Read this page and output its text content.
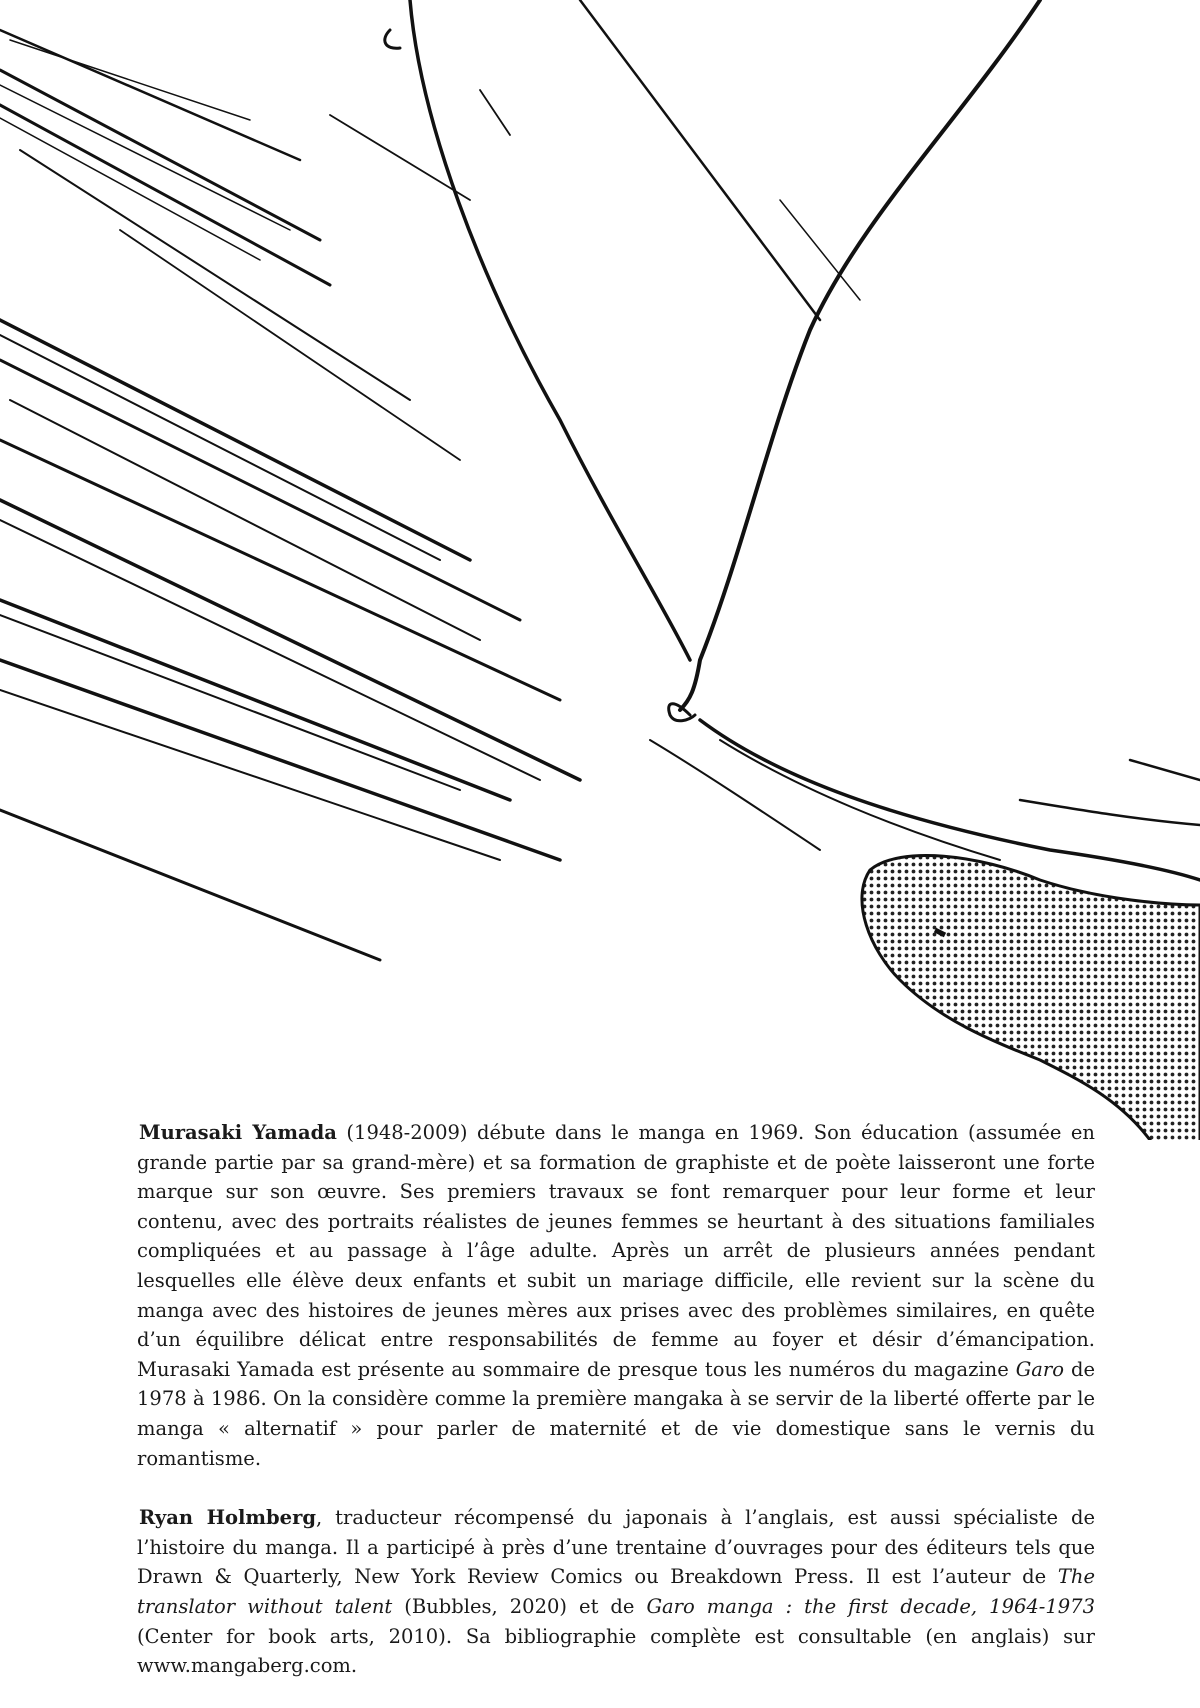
Murasaki Yamada (1948-2009) débute dans le manga en 1969. Son éducation (assumée en grande partie par sa grand-mère) et sa formation de graphiste et de poète laisseront une forte marque sur son œuvre. Ses premiers travaux se font remarquer pour leur forme et leur contenu, avec des portraits réalistes de jeunes femmes se heurtant à des situations familiales compliquées et au passage à l’âge adulte. Après un arrêt de plusieurs années pendant lesquelles elle élève deux enfants et subit un mariage difficile, elle revient sur la scène du manga avec des histoires de jeunes mères aux prises avec des problèmes similaires, en quête d’un équilibre délicat entre responsabilités de femme au foyer et désir d’émancipation. Murasaki Yamada est présente au sommaire de presque tous les numéros du magazine Garo de 1978 à 1986. On la considère comme la première mangaka à se servir de la liberté offerte par le manga « alternatif » pour parler de maternité et de vie domestique sans le vernis du romantisme.

Ryan Holmberg, traducteur récompensé du japonais à l’anglais, est aussi spécialiste de l’histoire du manga. Il a participé à près d’une trentaine d’ouvrages pour des éditeurs tels que Drawn & Quarterly, New York Review Comics ou Breakdown Press. Il est l’auteur de The translator without talent (Bubbles, 2020) et de Garo manga : the first decade, 1964-1973 (Center for book arts, 2010). Sa bibliographie complète est consultable (en anglais) sur www.mangaberg.com.
